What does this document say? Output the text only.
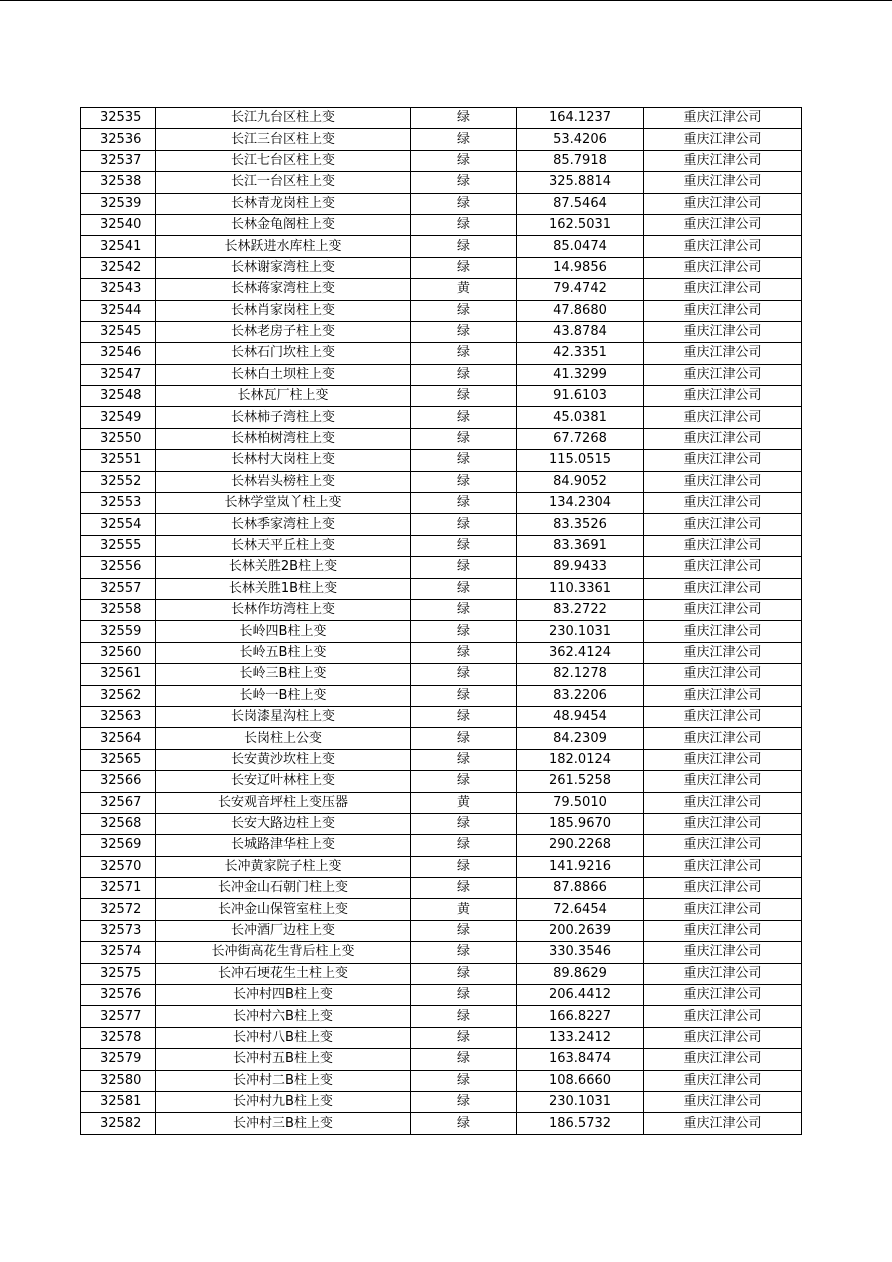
32535	长江九台区柱上变	绿	164.1237	重庆江津公司
32536	长江三台区柱上变	绿	53.4206	重庆江津公司
32537	长江七台区柱上变	绿	85.7918	重庆江津公司
32538	长江一台区柱上变	绿	325.8814	重庆江津公司
32539	长林青龙岗柱上变	绿	87.5464	重庆江津公司
32540	长林金龟阁柱上变	绿	162.5031	重庆江津公司
32541	长林跃进水库柱上变	绿	85.0474	重庆江津公司
32542	长林谢家湾柱上变	绿	14.9856	重庆江津公司
32543	长林蒋家湾柱上变	黄	79.4742	重庆江津公司
32544	长林肖家岗柱上变	绿	47.8680	重庆江津公司
32545	长林老房子柱上变	绿	43.8784	重庆江津公司
32546	长林石门坎柱上变	绿	42.3351	重庆江津公司
32547	长林白土坝柱上变	绿	41.3299	重庆江津公司
32548	长林瓦厂柱上变	绿	91.6103	重庆江津公司
32549	长林柿子湾柱上变	绿	45.0381	重庆江津公司
32550	长林柏树湾柱上变	绿	67.7268	重庆江津公司
32551	长林村大岗柱上变	绿	115.0515	重庆江津公司
32552	长林岩头榜柱上变	绿	84.9052	重庆江津公司
32553	长林学堂岚丫柱上变	绿	134.2304	重庆江津公司
32554	长林季家湾柱上变	绿	83.3526	重庆江津公司
32555	长林天平丘柱上变	绿	83.3691	重庆江津公司
32556	长林关胜2B柱上变	绿	89.9433	重庆江津公司
32557	长林关胜1B柱上变	绿	110.3361	重庆江津公司
32558	长林作坊湾柱上变	绿	83.2722	重庆江津公司
32559	长岭四B柱上变	绿	230.1031	重庆江津公司
32560	长岭五B柱上变	绿	362.4124	重庆江津公司
32561	长岭三B柱上变	绿	82.1278	重庆江津公司
32562	长岭一B柱上变	绿	83.2206	重庆江津公司
32563	长岗漆星沟柱上变	绿	48.9454	重庆江津公司
32564	长岗柱上公变	绿	84.2309	重庆江津公司
32565	长安黄沙坎柱上变	绿	182.0124	重庆江津公司
32566	长安辽叶林柱上变	绿	261.5258	重庆江津公司
32567	长安观音坪柱上变压器	黄	79.5010	重庆江津公司
32568	长安大路边柱上变	绿	185.9670	重庆江津公司
32569	长城路津华柱上变	绿	290.2268	重庆江津公司
32570	长冲黄家院子柱上变	绿	141.9216	重庆江津公司
32571	长冲金山石朝门柱上变	绿	87.8866	重庆江津公司
32572	长冲金山保管室柱上变	黄	72.6454	重庆江津公司
32573	长冲酒厂边柱上变	绿	200.2639	重庆江津公司
32574	长冲街高花生背后柱上变	绿	330.3546	重庆江津公司
32575	长冲石埂花生土柱上变	绿	89.8629	重庆江津公司
32576	长冲村四B柱上变	绿	206.4412	重庆江津公司
32577	长冲村六B柱上变	绿	166.8227	重庆江津公司
32578	长冲村八B柱上变	绿	133.2412	重庆江津公司
32579	长冲村五B柱上变	绿	163.8474	重庆江津公司
32580	长冲村二B柱上变	绿	108.6660	重庆江津公司
32581	长冲村九B柱上变	绿	230.1031	重庆江津公司
32582	长冲村三B柱上变	绿	186.5732	重庆江津公司
